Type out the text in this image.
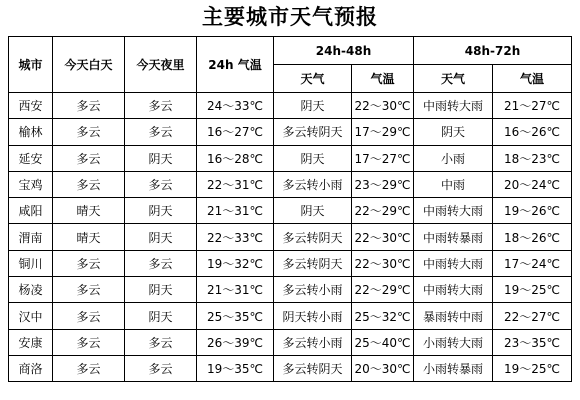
主要城市天气预报
城市	今天白天	今天夜里	24h 气温	24h-48h		48h-72h	
				天气	气温	天气	气温
西安	多云	多云	24～33℃	阴天	22～30℃	中雨转大雨	21～27℃
榆林	多云	多云	16～27℃	多云转阴天	17～29℃	阴天	16～26℃
延安	多云	阴天	16～28℃	阴天	17～27℃	小雨	18～23℃
宝鸡	多云	多云	22～31℃	多云转小雨	23～29℃	中雨	20～24℃
咸阳	晴天	阴天	21～31℃	阴天	22～29℃	中雨转大雨	19～26℃
渭南	晴天	阴天	22～33℃	多云转阴天	22～30℃	中雨转暴雨	18～26℃
铜川	多云	多云	19～32℃	多云转阴天	22～30℃	中雨转大雨	17～24℃
杨凌	多云	阴天	21～31℃	多云转小雨	22～29℃	中雨转大雨	19～25℃
汉中	多云	阴天	25～35℃	阴天转小雨	25～32℃	暴雨转中雨	22～27℃
安康	多云	多云	26～39℃	多云转小雨	25～40℃	小雨转大雨	23～35℃
商洛	多云	多云	19～35℃	多云转阴天	20～30℃	小雨转暴雨	19～25℃
